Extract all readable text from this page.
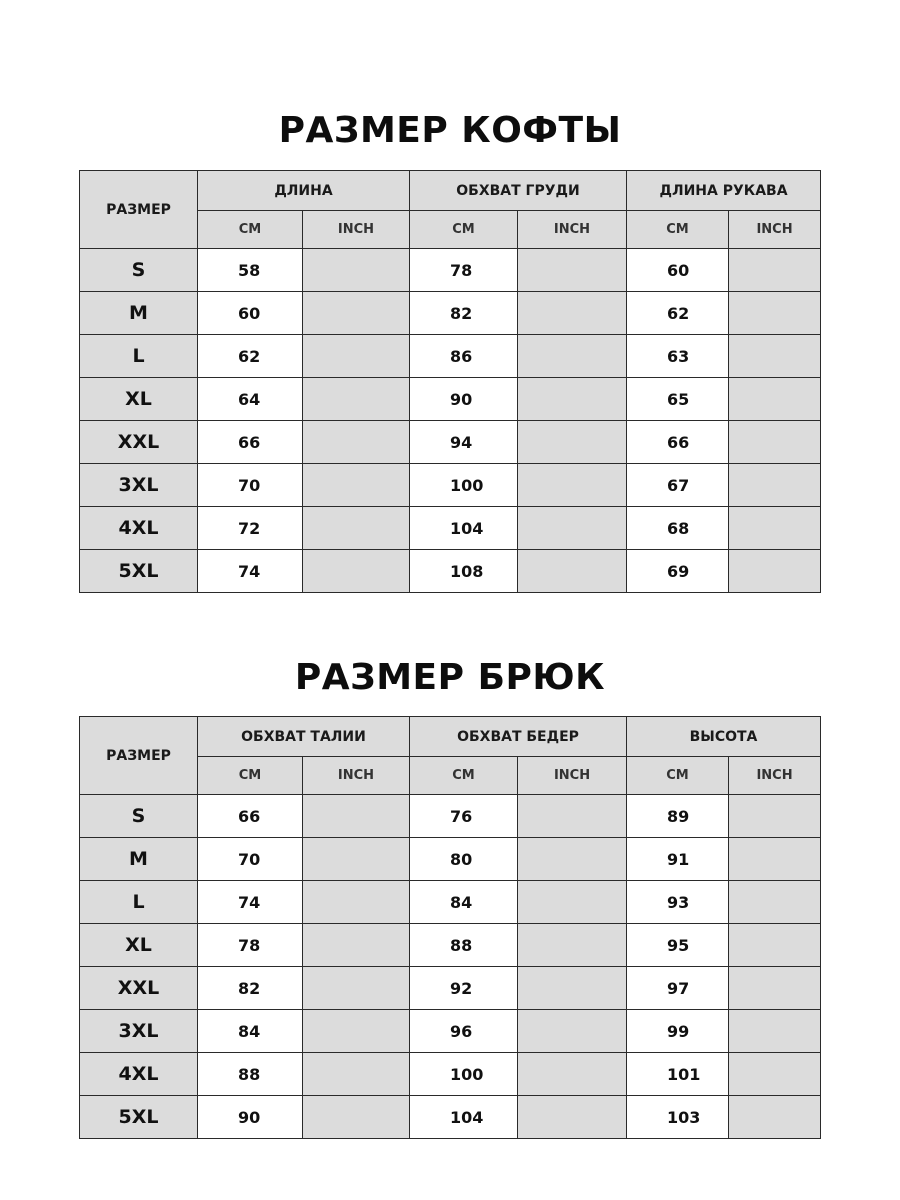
РАЗМЕР КОФТЫ
РАЗМЕР	ДЛИНА		ОБХВАТ ГРУДИ		ДЛИНА РУКАВА	
	CM	INCH	CM	INCH	CM	INCH
S	58		78		60	
M	60		82		62	
L	62		86		63	
XL	64		90		65	
XXL	66		94		66	
3XL	70		100		67	
4XL	72		104		68	
5XL	74		108		69	
РАЗМЕР БРЮК
РАЗМЕР	ОБХВАТ ТАЛИИ		ОБХВАТ БЕДЕР		ВЫСОТА	
	CM	INCH	CM	INCH	CM	INCH
S	66		76		89	
M	70		80		91	
L	74		84		93	
XL	78		88		95	
XXL	82		92		97	
3XL	84		96		99	
4XL	88		100		101	
5XL	90		104		103	
